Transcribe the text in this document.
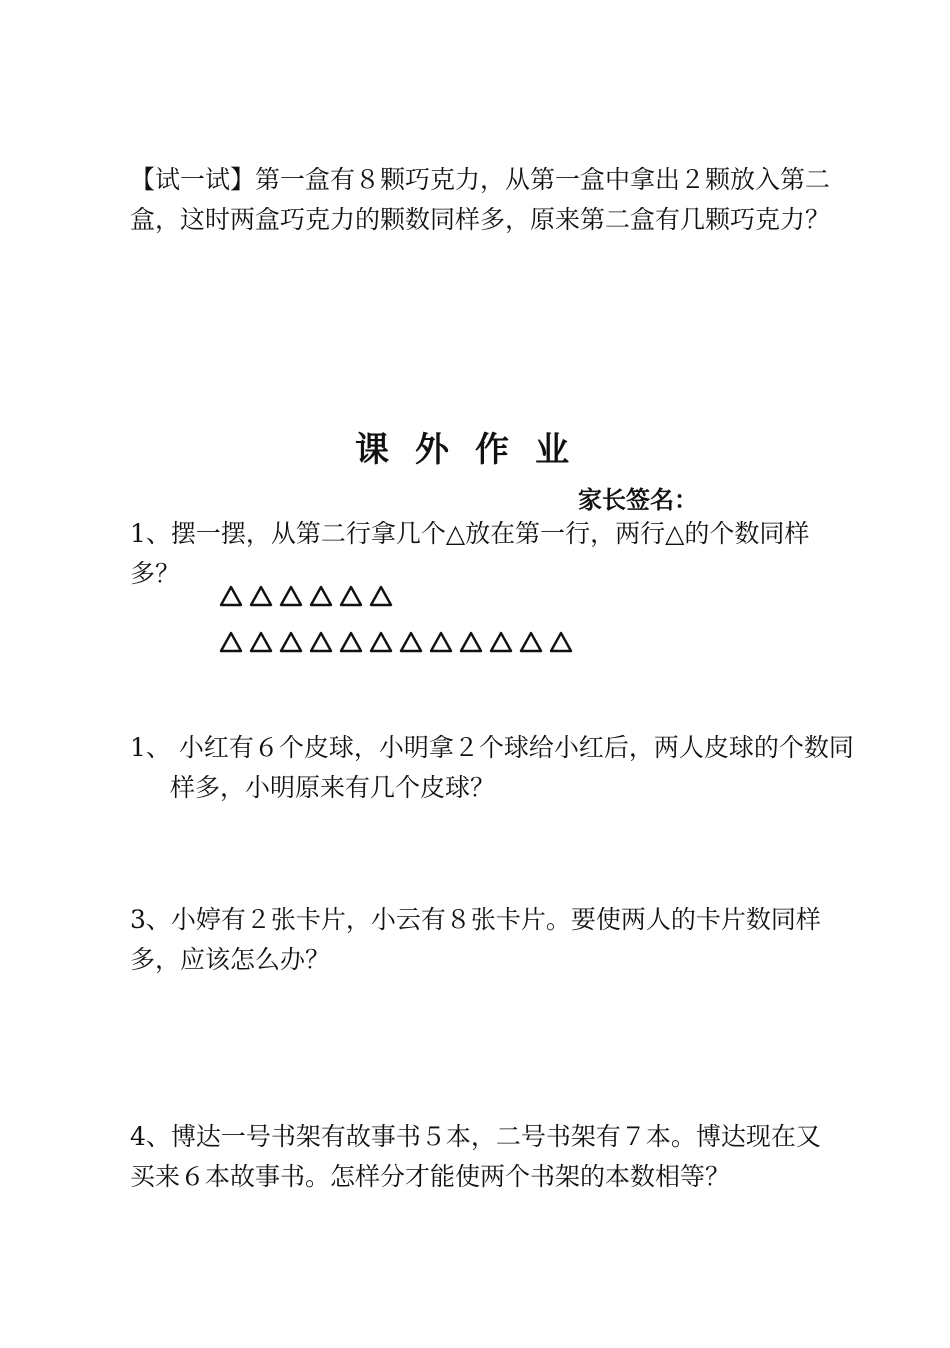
【试一试】第一盒有８颗巧克力，从第一盒中拿出２颗放入第二盒，这时两盒巧克力的颗数同样多，原来第二盒有几颗巧克力？
课外作业
家长签名：
1、摆一摆，从第二行拿几个△放在第一行，两行△的个数同样多？
1、 小红有６个皮球，小明拿２个球给小红后，两人皮球的个数同样多，小明原来有几个皮球？
3、小婷有２张卡片，小云有８张卡片。要使两人的卡片数同样多，应该怎么办？
4、博达一号书架有故事书５本，二号书架有７本。博达现在又买来６本故事书。怎样分才能使两个书架的本数相等？
